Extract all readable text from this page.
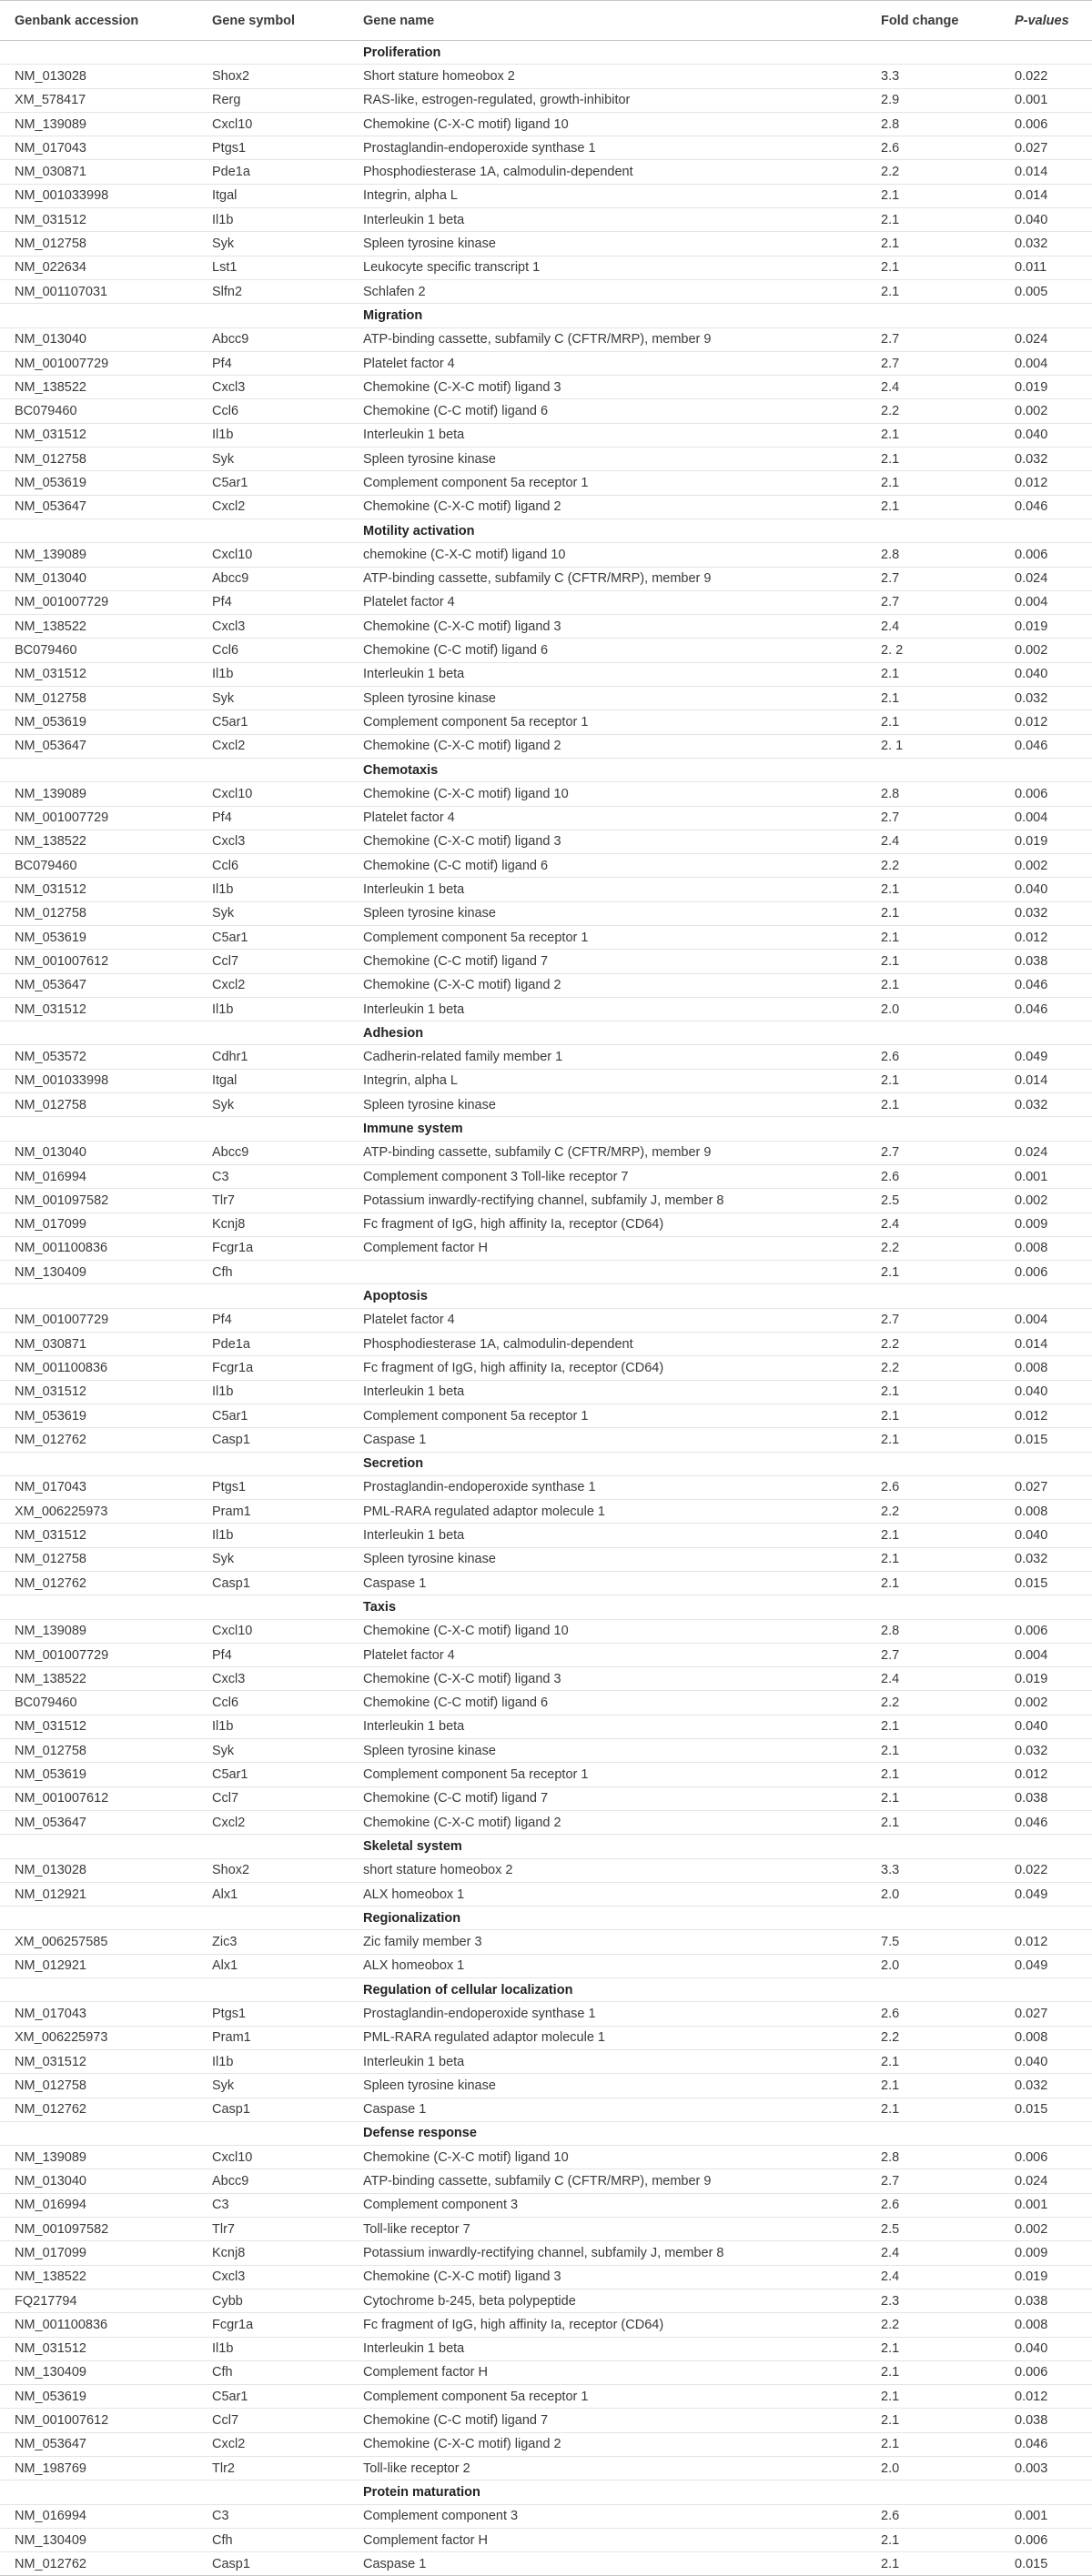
	Genbank accession	Gene symbol	Gene name	Fold change	P-values
			Proliferation		
	NM_013028	Shox2	Short stature homeobox 2	3.3	0.022
	XM_578417	Rerg	RAS-like, estrogen-regulated, growth-inhibitor	2.9	0.001
	NM_139089	Cxcl10	Chemokine (C-X-C motif) ligand 10	2.8	0.006
	NM_017043	Ptgs1	Prostaglandin-endoperoxide synthase 1	2.6	0.027
	NM_030871	Pde1a	Phosphodiesterase 1A, calmodulin-dependent	2.2	0.014
	NM_001033998	Itgal	Integrin, alpha L	2.1	0.014
	NM_031512	Il1b	Interleukin 1 beta	2.1	0.040
	NM_012758	Syk	Spleen tyrosine kinase	2.1	0.032
	NM_022634	Lst1	Leukocyte specific transcript 1	2.1	0.011
	NM_001107031	Slfn2	Schlafen 2	2.1	0.005
			Migration		
	NM_013040	Abcc9	ATP-binding cassette, subfamily C (CFTR/MRP), member 9	2.7	0.024
	NM_001007729	Pf4	Platelet factor 4	2.7	0.004
	NM_138522	Cxcl3	Chemokine (C-X-C motif) ligand 3	2.4	0.019
	BC079460	Ccl6	Chemokine (C-C motif) ligand 6	2.2	0.002
	NM_031512	Il1b	Interleukin 1 beta	2.1	0.040
	NM_012758	Syk	Spleen tyrosine kinase	2.1	0.032
	NM_053619	C5ar1	Complement component 5a receptor 1	2.1	0.012
	NM_053647	Cxcl2	Chemokine (C-X-C motif) ligand 2	2.1	0.046
			Motility activation		
	NM_139089	Cxcl10	chemokine (C-X-C motif) ligand 10	2.8	0.006
	NM_013040	Abcc9	ATP-binding cassette, subfamily C (CFTR/MRP), member 9	2.7	0.024
	NM_001007729	Pf4	Platelet factor 4	2.7	0.004
	NM_138522	Cxcl3	Chemokine (C-X-C motif) ligand 3	2.4	0.019
	BC079460	Ccl6	Chemokine (C-C motif) ligand 6	2. 2	0.002
	NM_031512	Il1b	Interleukin 1 beta	2.1	0.040
	NM_012758	Syk	Spleen tyrosine kinase	2.1	0.032
	NM_053619	C5ar1	Complement component 5a receptor 1	2.1	0.012
	NM_053647	Cxcl2	Chemokine (C-X-C motif) ligand 2	2. 1	0.046
			Chemotaxis		
	NM_139089	Cxcl10	Chemokine (C-X-C motif) ligand 10	2.8	0.006
	NM_001007729	Pf4	Platelet factor 4	2.7	0.004
	NM_138522	Cxcl3	Chemokine (C-X-C motif) ligand 3	2.4	0.019
	BC079460	Ccl6	Chemokine (C-C motif) ligand 6	2.2	0.002
	NM_031512	Il1b	Interleukin 1 beta	2.1	0.040
	NM_012758	Syk	Spleen tyrosine kinase	2.1	0.032
	NM_053619	C5ar1	Complement component 5a receptor 1	2.1	0.012
	NM_001007612	Ccl7	Chemokine (C-C motif) ligand 7	2.1	0.038
	NM_053647	Cxcl2	Chemokine (C-X-C motif) ligand 2	2.1	0.046
	NM_031512	Il1b	Interleukin 1 beta	2.0	0.046
			Adhesion		
	NM_053572	Cdhr1	Cadherin-related family member 1	2.6	0.049
	NM_001033998	Itgal	Integrin, alpha L	2.1	0.014
	NM_012758	Syk	Spleen tyrosine kinase	2.1	0.032
			Immune system		
	NM_013040	Abcc9	ATP-binding cassette, subfamily C (CFTR/MRP), member 9	2.7	0.024
	NM_016994	C3	Complement component 3 Toll-like receptor 7	2.6	0.001
	NM_001097582	Tlr7	Potassium inwardly-rectifying channel, subfamily J, member 8	2.5	0.002
	NM_017099	Kcnj8	Fc fragment of IgG, high affinity Ia, receptor (CD64)	2.4	0.009
	NM_001100836	Fcgr1a	Complement factor H	2.2	0.008
	NM_130409	Cfh		2.1	0.006
			Apoptosis		
	NM_001007729	Pf4	Platelet factor 4	2.7	0.004
	NM_030871	Pde1a	Phosphodiesterase 1A, calmodulin-dependent	2.2	0.014
	NM_001100836	Fcgr1a	Fc fragment of IgG, high affinity Ia, receptor (CD64)	2.2	0.008
	NM_031512	Il1b	Interleukin 1 beta	2.1	0.040
	NM_053619	C5ar1	Complement component 5a receptor 1	2.1	0.012
	NM_012762	Casp1	Caspase 1	2.1	0.015
			Secretion		
	NM_017043	Ptgs1	Prostaglandin-endoperoxide synthase 1	2.6	0.027
	XM_006225973	Pram1	PML-RARA regulated adaptor molecule 1	2.2	0.008
	NM_031512	Il1b	Interleukin 1 beta	2.1	0.040
	NM_012758	Syk	Spleen tyrosine kinase	2.1	0.032
	NM_012762	Casp1	Caspase 1	2.1	0.015
			Taxis		
	NM_139089	Cxcl10	Chemokine (C-X-C motif) ligand 10	2.8	0.006
	NM_001007729	Pf4	Platelet factor 4	2.7	0.004
	NM_138522	Cxcl3	Chemokine (C-X-C motif) ligand 3	2.4	0.019
	BC079460	Ccl6	Chemokine (C-C motif) ligand 6	2.2	0.002
	NM_031512	Il1b	Interleukin 1 beta	2.1	0.040
	NM_012758	Syk	Spleen tyrosine kinase	2.1	0.032
	NM_053619	C5ar1	Complement component 5a receptor 1	2.1	0.012
	NM_001007612	Ccl7	Chemokine (C-C motif) ligand 7	2.1	0.038
	NM_053647	Cxcl2	Chemokine (C-X-C motif) ligand 2	2.1	0.046
			Skeletal system		
	NM_013028	Shox2	short stature homeobox 2	3.3	0.022
	NM_012921	Alx1	ALX homeobox 1	2.0	0.049
			Regionalization		
	XM_006257585	Zic3	Zic family member 3	7.5	0.012
	NM_012921	Alx1	ALX homeobox 1	2.0	0.049
			Regulation of cellular localization		
	NM_017043	Ptgs1	Prostaglandin-endoperoxide synthase 1	2.6	0.027
	XM_006225973	Pram1	PML-RARA regulated adaptor molecule 1	2.2	0.008
	NM_031512	Il1b	Interleukin 1 beta	2.1	0.040
	NM_012758	Syk	Spleen tyrosine kinase	2.1	0.032
	NM_012762	Casp1	Caspase 1	2.1	0.015
			Defense response		
	NM_139089	Cxcl10	Chemokine (C-X-C motif) ligand 10	2.8	0.006
	NM_013040	Abcc9	ATP-binding cassette, subfamily C (CFTR/MRP), member 9	2.7	0.024
	NM_016994	C3	Complement component 3	2.6	0.001
	NM_001097582	Tlr7	Toll-like receptor 7	2.5	0.002
	NM_017099	Kcnj8	Potassium inwardly-rectifying channel, subfamily J, member 8	2.4	0.009
	NM_138522	Cxcl3	Chemokine (C-X-C motif) ligand 3	2.4	0.019
	FQ217794	Cybb	Cytochrome b-245, beta polypeptide	2.3	0.038
	NM_001100836	Fcgr1a	Fc fragment of IgG, high affinity Ia, receptor (CD64)	2.2	0.008
	NM_031512	Il1b	Interleukin 1 beta	2.1	0.040
	NM_130409	Cfh	Complement factor H	2.1	0.006
	NM_053619	C5ar1	Complement component 5a receptor 1	2.1	0.012
	NM_001007612	Ccl7	Chemokine (C-C motif) ligand 7	2.1	0.038
	NM_053647	Cxcl2	Chemokine (C-X-C motif) ligand 2	2.1	0.046
	NM_198769	Tlr2	Toll-like receptor 2	2.0	0.003
			Protein maturation		
	NM_016994	C3	Complement component 3	2.6	0.001
	NM_130409	Cfh	Complement factor H	2.1	0.006
	NM_012762	Casp1	Caspase 1	2.1	0.015
